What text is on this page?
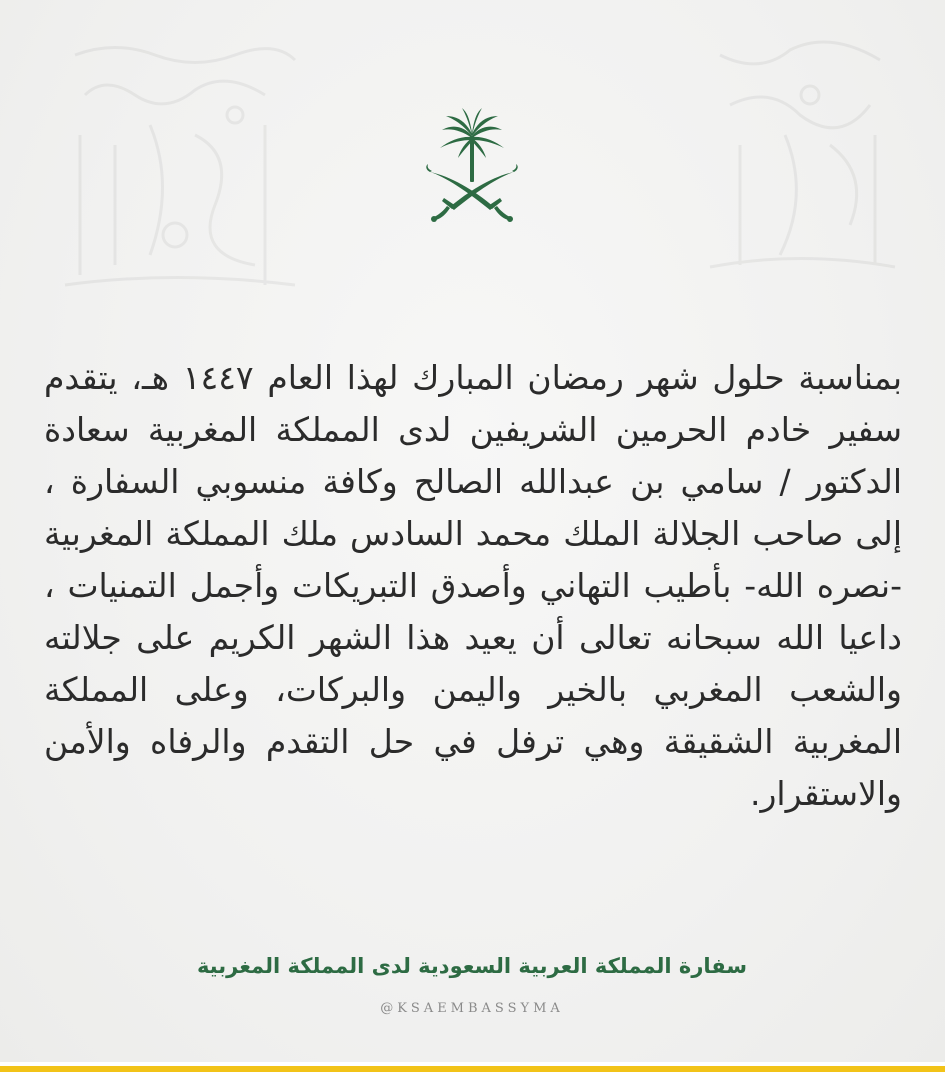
بمناسبة حلول شهر رمضان المبارك لهذا العام ١٤٤٧ هـ، يتقدم سفير خادم الحرمين الشريفين لدى المملكة المغربية سعادة الدكتور / سامي بن عبدالله الصالح وكافة منسوبي السفارة ، إلى صاحب الجلالة الملك محمد السادس ملك المملكة المغربية -نصره الله- بأطيب التهاني وأصدق التبريكات وأجمل التمنيات ، داعيا الله سبحانه تعالى أن يعيد هذا الشهر الكريم على جلالته والشعب المغربي بالخير واليمن والبركات، وعلى المملكة المغربية الشقيقة وهي ترفل في حل التقدم والرفاه والأمن والاستقرار.

سفارة المملكة العربية السعودية لدى المملكة المغربية
@KSAEMBASSYMA
